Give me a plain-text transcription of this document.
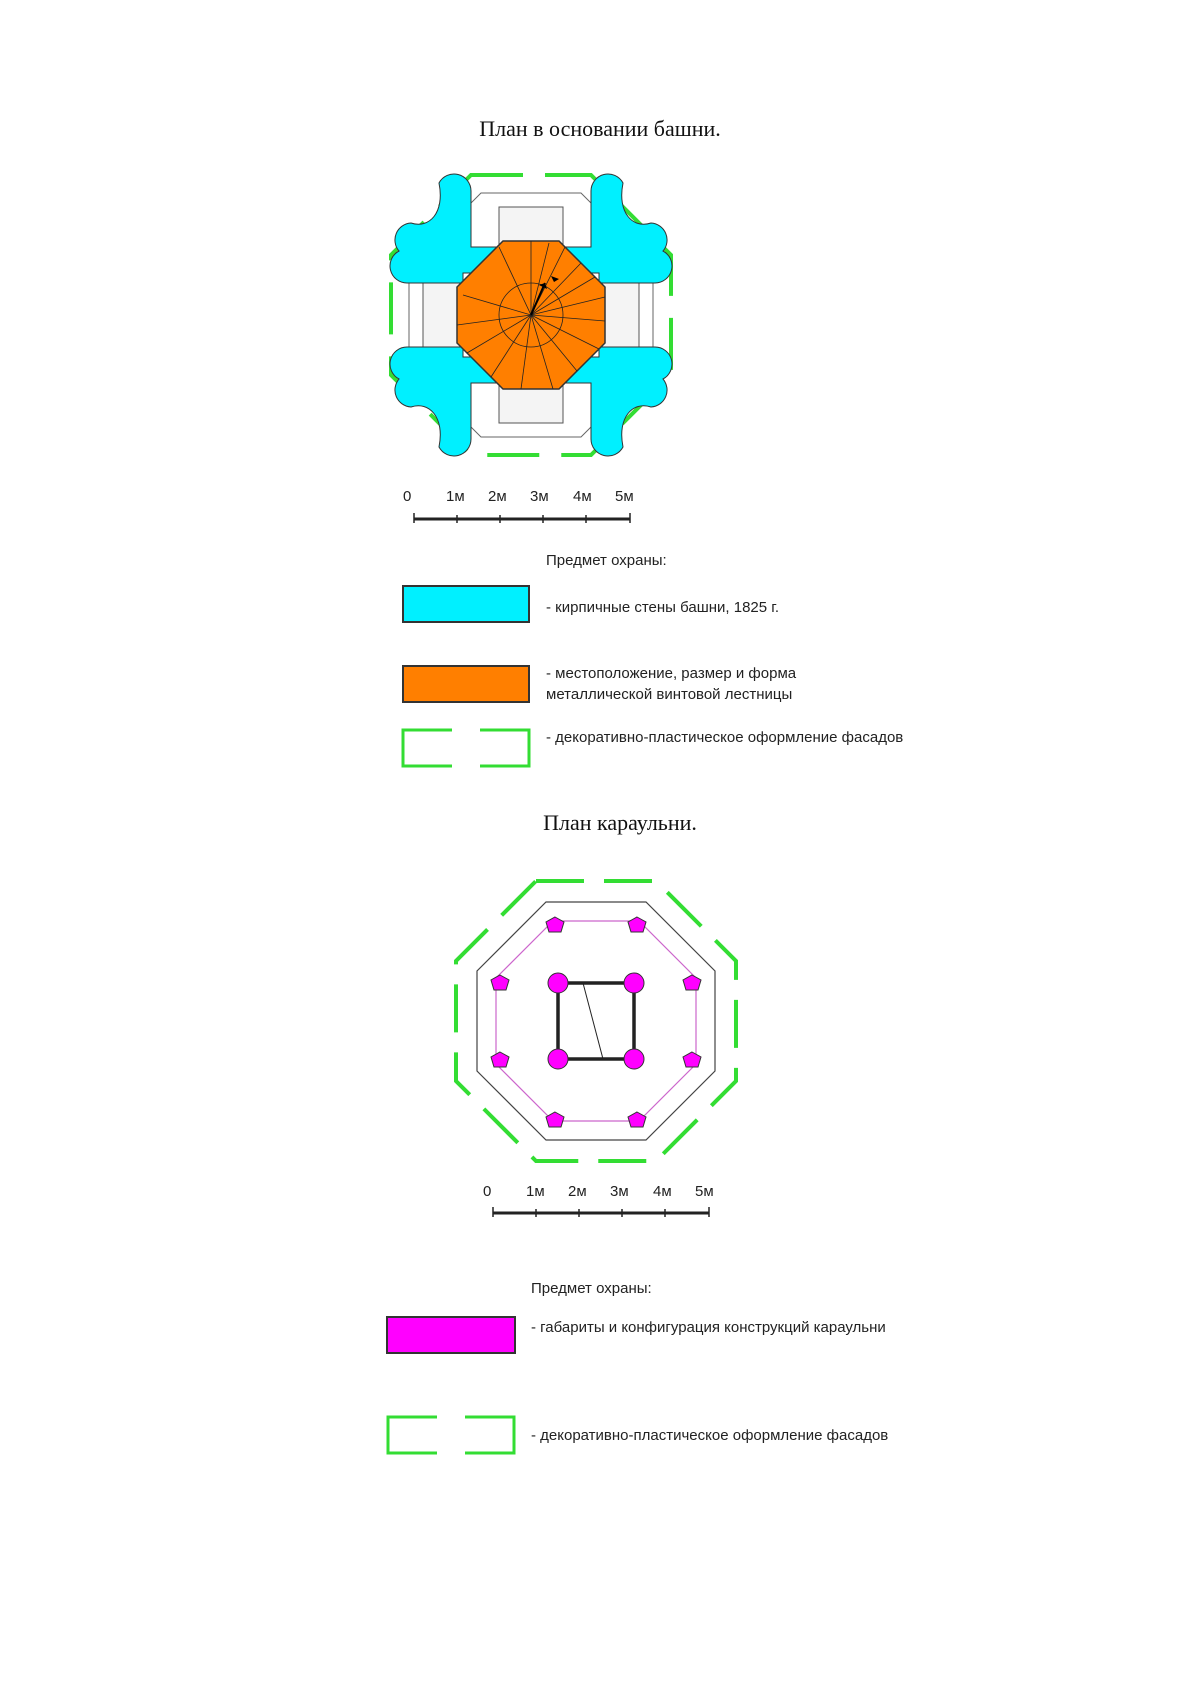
План в основании башни.
0 1м 2м 3м 4м 5м
Предмет охраны:
- кирпичные стены башни, 1825 г.
- местоположение, размер и форма металлической винтовой лестницы
- декоративно-пластическое оформление фасадов
План караульни.
0 1м 2м 3м 4м 5м
Предмет охраны:
- габариты и конфигурация конструкций караульни
- декоративно-пластическое оформление фасадов
